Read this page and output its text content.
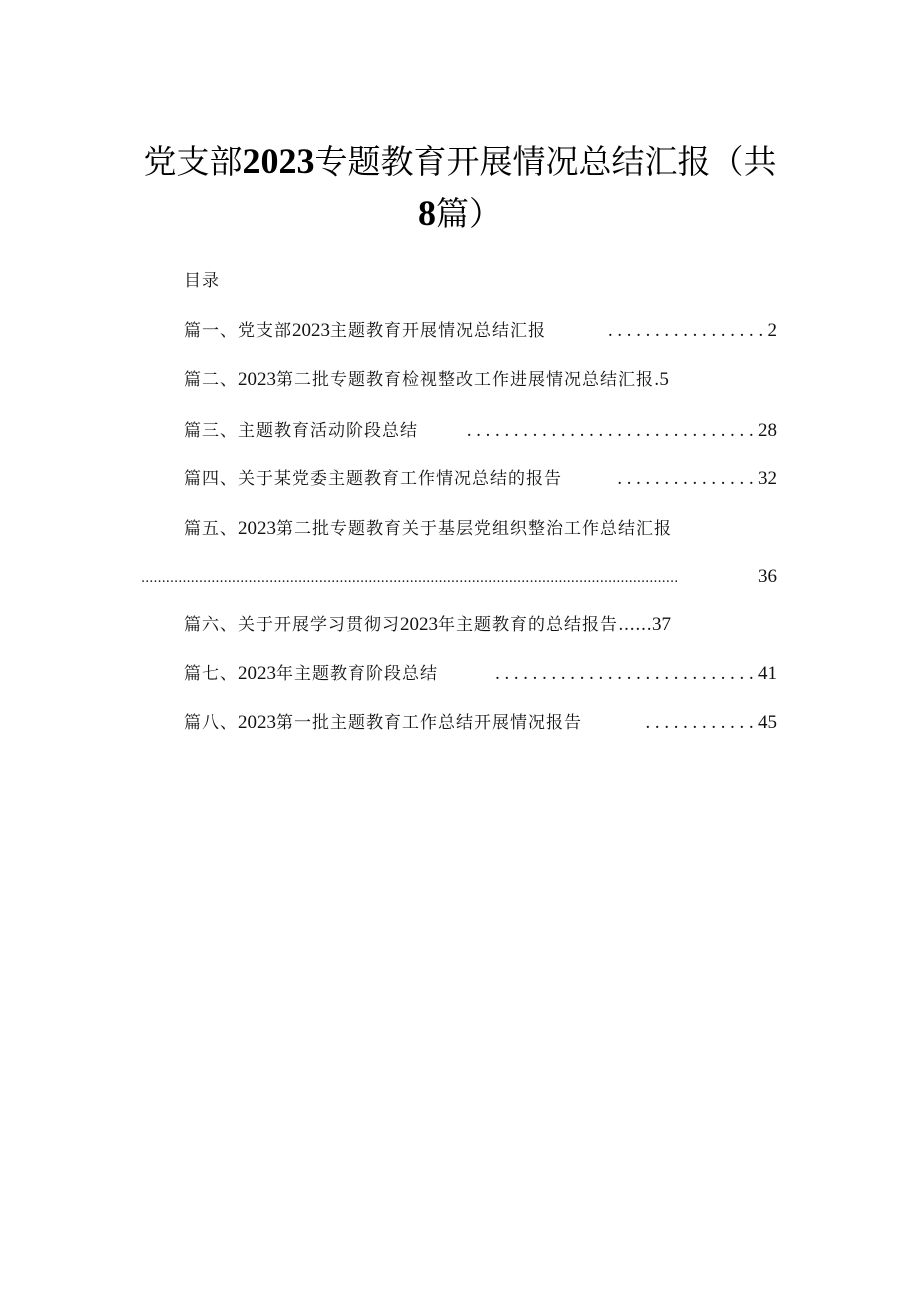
党支部2023专题教育开展情况总结汇报（共
8篇）
目录
篇一、党支部2023主题教育开展情况总结汇报	................. 2
篇二、2023第二批专题教育检视整改工作进展情况总结汇报 . 5
篇三、主题教育活动阶段总结	............................... 28
篇四、关于某党委主题教育工作情况总结的报告	............... 32
篇五、2023第二批专题教育关于基层党组织整治工作总结汇报
..................................................................................................................................	36
篇六、关于开展学习贯彻习2023年主题教育的总结报告 …… 37
篇七、2023年主题教育阶段总结	............................ 41
篇八、2023第一批主题教育工作总结开展情况报告	............ 45
